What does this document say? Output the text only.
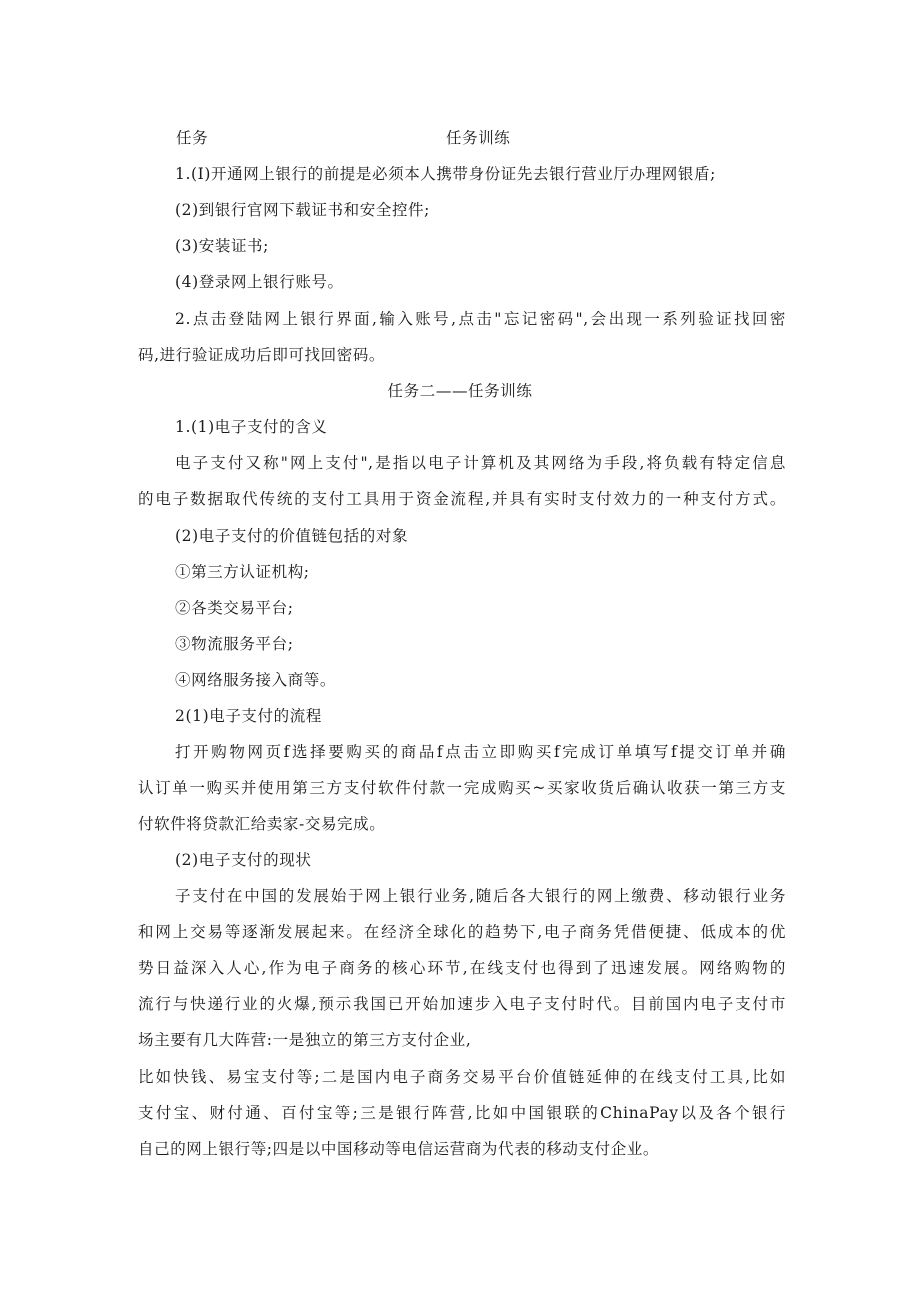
任务	任务训练
1.(I)开通网上银行的前提是必须本人携带身份证先去银行营业厅办理网银盾;
(2)到银行官网下载证书和安全控件;
(3)安装证书;
(4)登录网上银行账号。
2.点击登陆网上银行界面,输入账号,点击"忘记密码",会出现一系列验证找回密
码,进行验证成功后即可找回密码。
任务二——任务训练
1.(1)电子支付的含义
电子支付又称"网上支付",是指以电子计算机及其网络为手段,将负载有特定信息
的电子数据取代传统的支付工具用于资金流程,并具有实时支付效力的一种支付方式。
(2)电子支付的价值链包括的对象
①第三方认证机构;
②各类交易平台;
③物流服务平台;
④网络服务接入商等。
2(1)电子支付的流程
打开购物网页f选择要购买的商品f点击立即购买f完成订单填写f提交订单并确
认订单一购买并使用第三方支付软件付款一完成购买~买家收货后确认收获一第三方支
付软件将贷款汇给卖家-交易完成。
(2)电子支付的现状
子支付在中国的发展始于网上银行业务,随后各大银行的网上缴费、移动银行业务
和网上交易等逐渐发展起来。在经济全球化的趋势下,电子商务凭借便捷、低成本的优
势日益深入人心,作为电子商务的核心环节,在线支付也得到了迅速发展。网络购物的
流行与快递行业的火爆,预示我国已开始加速步入电子支付时代。目前国内电子支付市
场主要有几大阵营:一是独立的第三方支付企业,
比如快钱、易宝支付等;二是国内电子商务交易平台价值链延伸的在线支付工具,比如
支付宝、财付通、百付宝等;三是银行阵营,比如中国银联的ChinaPay以及各个银行
自己的网上银行等;四是以中国移动等电信运营商为代表的移动支付企业。
